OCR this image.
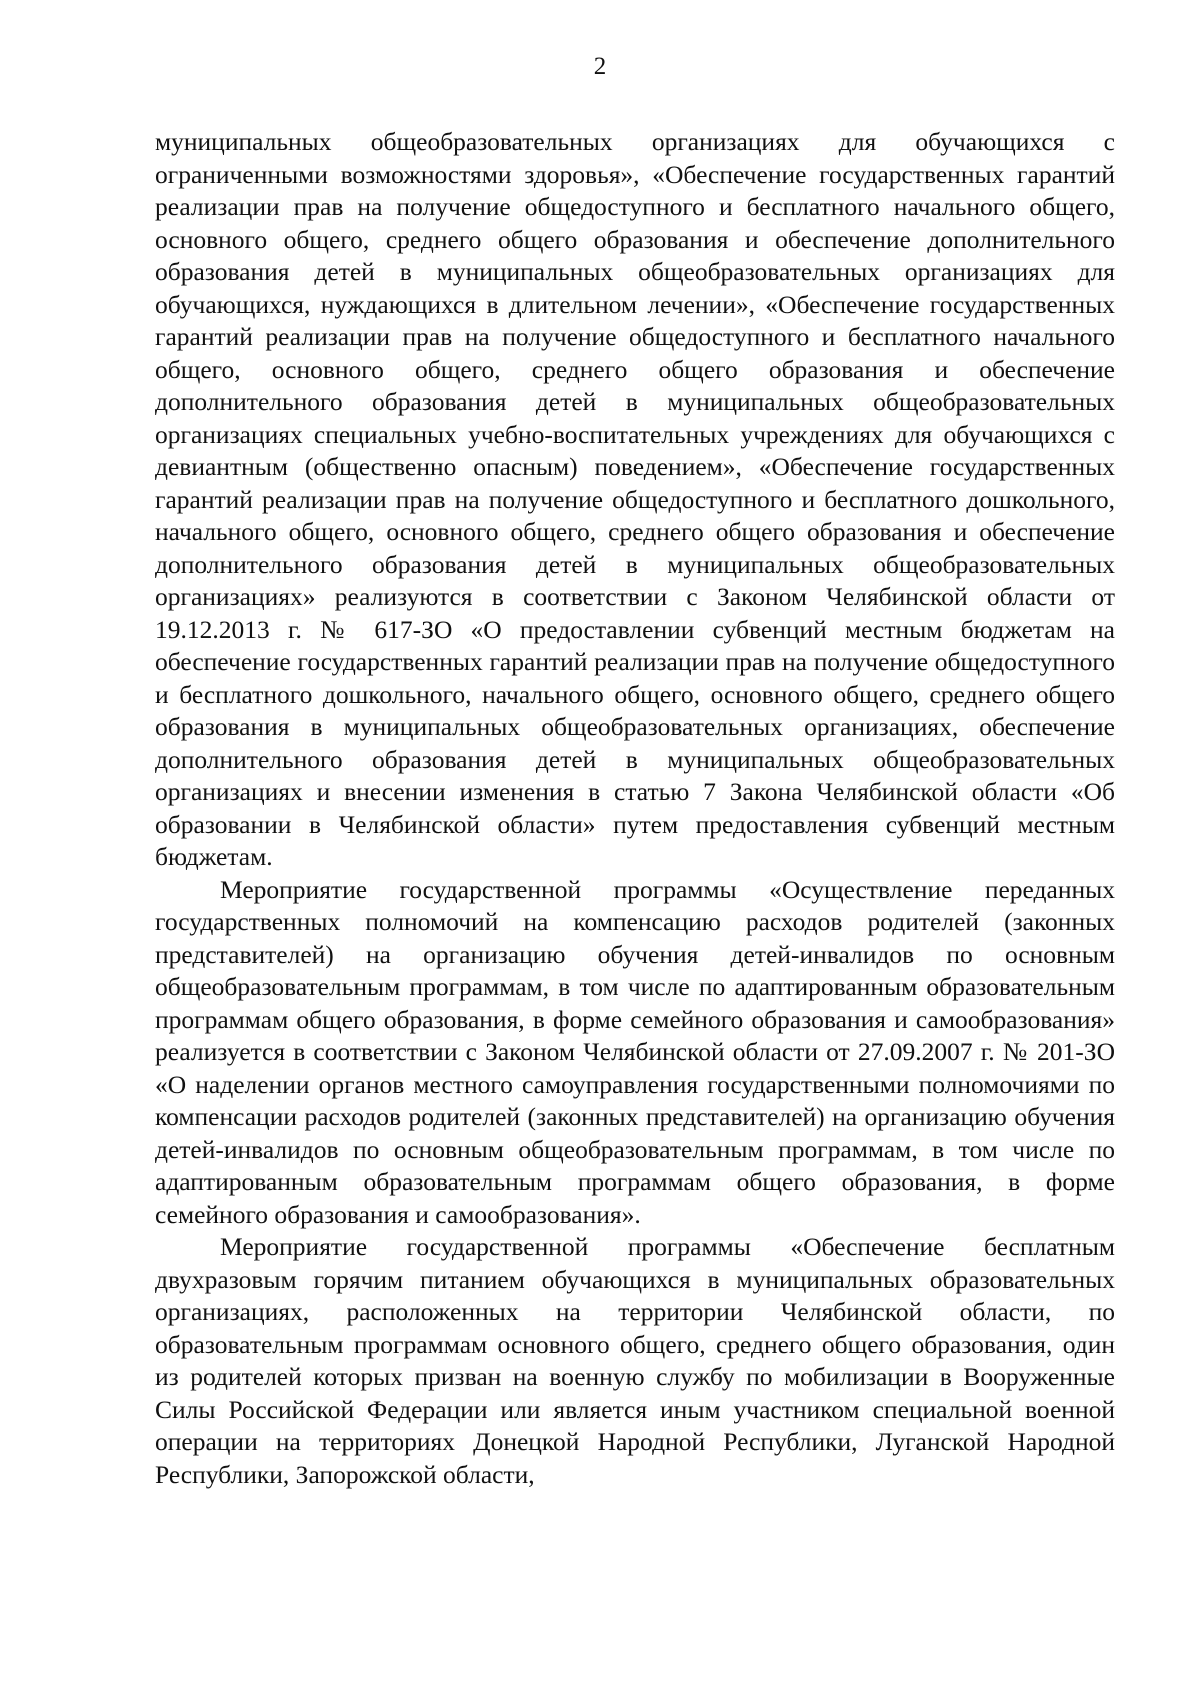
2

муниципальных общеобразовательных организациях для обучающихся с ограниченными возможностями здоровья», «Обеспечение государственных гарантий реализации прав на получение общедоступного и бесплатного начального общего, основного общего, среднего общего образования и обеспечение дополнительного образования детей в муниципальных общеобразовательных организациях для обучающихся, нуждающихся в длительном лечении», «Обеспечение государственных гарантий реализации прав на получение общедоступного и бесплатного начального общего, основного общего, среднего общего образования и обеспечение дополнительного образования детей в муниципальных общеобразовательных организациях специальных учебно-воспитательных учреждениях для обучающихся с девиантным (общественно опасным) поведением», «Обеспечение государственных гарантий реализации прав на получение общедоступного и бесплатного дошкольного, начального общего, основного общего, среднего общего образования и обеспечение дополнительного образования детей в муниципальных общеобразовательных организациях» реализуются в соответствии с Законом Челябинской области от 19.12.2013 г. № 617-ЗО «О предоставлении субвенций местным бюджетам на обеспечение государственных гарантий реализации прав на получение общедоступного и бесплатного дошкольного, начального общего, основного общего, среднего общего образования в муниципальных общеобразовательных организациях, обеспечение дополнительного образования детей в муниципальных общеобразовательных организациях и внесении изменения в статью 7 Закона Челябинской области «Об образовании в Челябинской области» путем предоставления субвенций местным бюджетам.

Мероприятие государственной программы «Осуществление переданных государственных полномочий на компенсацию расходов родителей (законных представителей) на организацию обучения детей-инвалидов по основным общеобразовательным программам, в том числе по адаптированным образовательным программам общего образования, в форме семейного образования и самообразования» реализуется в соответствии с Законом Челябинской области от 27.09.2007 г. № 201-ЗО «О наделении органов местного самоуправления государственными полномочиями по компенсации расходов родителей (законных представителей) на организацию обучения детей-инвалидов по основным общеобразовательным программам, в том числе по адаптированным образовательным программам общего образования, в форме семейного образования и самообразования».

Мероприятие государственной программы «Обеспечение бесплатным двухразовым горячим питанием обучающихся в муниципальных образовательных организациях, расположенных на территории Челябинской области, по образовательным программам основного общего, среднего общего образования, один из родителей которых призван на военную службу по мобилизации в Вооруженные Силы Российской Федерации или является иным участником специальной военной операции на территориях Донецкой Народной Республики, Луганской Народной Республики, Запорожской области,
